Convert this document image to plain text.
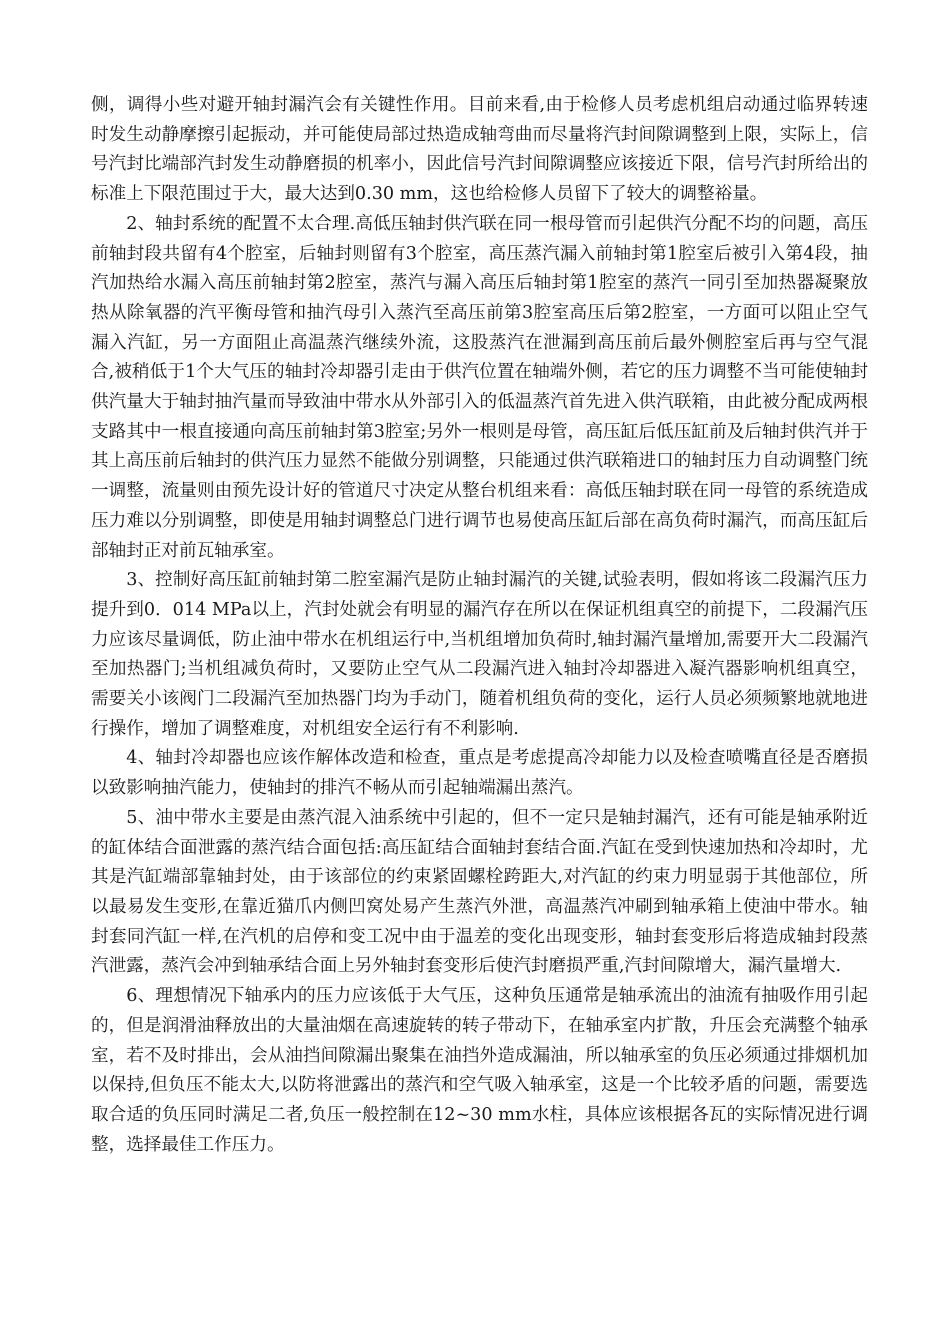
侧，调得小些对避开轴封漏汽会有关键性作用。目前来看,由于检修人员考虑机组启动通过临界转速时发生动静摩擦引起振动，并可能使局部过热造成轴弯曲而尽量将汽封间隙调整到上限，实际上，信号汽封比端部汽封发生动静磨损的机率小，因此信号汽封间隙调整应该接近下限，信号汽封所给出的标准上下限范围过于大，最大达到0.30 mm，这也给检修人员留下了较大的调整裕量。

2、轴封系统的配置不太合理.高低压轴封供汽联在同一根母管而引起供汽分配不均的问题，高压前轴封段共留有4个腔室，后轴封则留有3个腔室，高压蒸汽漏入前轴封第1腔室后被引入第4段，抽汽加热给水漏入高压前轴封第2腔室，蒸汽与漏入高压后轴封第1腔室的蒸汽一同引至加热器凝聚放热从除氧器的汽平衡母管和抽汽母引入蒸汽至高压前第3腔室高压后第2腔室，一方面可以阻止空气漏入汽缸，另一方面阻止高温蒸汽继续外流，这股蒸汽在泄漏到高压前后最外侧腔室后再与空气混合,被稍低于1个大气压的轴封冷却器引走由于供汽位置在轴端外侧，若它的压力调整不当可能使轴封供汽量大于轴封抽汽量而导致油中带水从外部引入的低温蒸汽首先进入供汽联箱，由此被分配成两根支路其中一根直接通向高压前轴封第3腔室;另外一根则是母管，高压缸后低压缸前及后轴封供汽并于其上高压前后轴封的供汽压力显然不能做分别调整，只能通过供汽联箱进口的轴封压力自动调整门统一调整，流量则由预先设计好的管道尺寸决定从整台机组来看：高低压轴封联在同一母管的系统造成压力难以分别调整，即使是用轴封调整总门进行调节也易使高压缸后部在高负荷时漏汽，而高压缸后部轴封正对前瓦轴承室。

3、控制好高压缸前轴封第二腔室漏汽是防止轴封漏汽的关键,试验表明，假如将该二段漏汽压力提升到0．014 MPa以上，汽封处就会有明显的漏汽存在所以在保证机组真空的前提下，二段漏汽压力应该尽量调低，防止油中带水在机组运行中,当机组增加负荷时,轴封漏汽量增加,需要开大二段漏汽至加热器门;当机组减负荷时，又要防止空气从二段漏汽进入轴封冷却器进入凝汽器影响机组真空，需要关小该阀门二段漏汽至加热器门均为手动门，随着机组负荷的变化，运行人员必须频繁地就地进行操作，增加了调整难度，对机组安全运行有不利影响.

4、轴封冷却器也应该作解体改造和检查，重点是考虑提高冷却能力以及检查喷嘴直径是否磨损以致影响抽汽能力，使轴封的排汽不畅从而引起轴端漏出蒸汽。

5、油中带水主要是由蒸汽混入油系统中引起的，但不一定只是轴封漏汽，还有可能是轴承附近的缸体结合面泄露的蒸汽结合面包括:高压缸结合面轴封套结合面.汽缸在受到快速加热和冷却时，尤其是汽缸端部靠轴封处，由于该部位的约束紧固螺栓跨距大,对汽缸的约束力明显弱于其他部位，所以最易发生变形,在靠近猫爪内侧凹窝处易产生蒸汽外泄，高温蒸汽冲刷到轴承箱上使油中带水。轴封套同汽缸一样,在汽机的启停和变工况中由于温差的变化出现变形，轴封套变形后将造成轴封段蒸汽泄露，蒸汽会冲到轴承结合面上另外轴封套变形后使汽封磨损严重,汽封间隙增大，漏汽量增大.

6、理想情况下轴承内的压力应该低于大气压，这种负压通常是轴承流出的油流有抽吸作用引起的，但是润滑油释放出的大量油烟在高速旋转的转子带动下，在轴承室内扩散，升压会充满整个轴承室，若不及时排出，会从油挡间隙漏出聚集在油挡外造成漏油，所以轴承室的负压必须通过排烟机加以保持,但负压不能太大,以防将泄露出的蒸汽和空气吸入轴承室，这是一个比较矛盾的问题，需要选取合适的负压同时满足二者,负压一般控制在12~30 mm水柱，具体应该根据各瓦的实际情况进行调整，选择最佳工作压力。
